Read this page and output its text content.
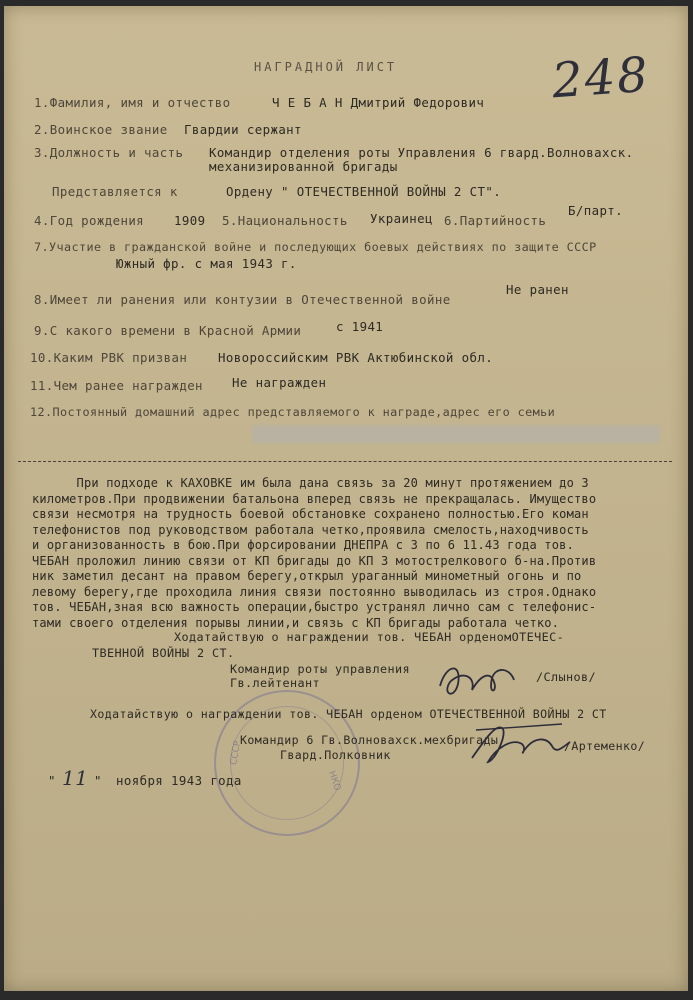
НАГРАДНОЙ ЛИСТ	248
1.Фамилия, имя и отчество	Ч Е Б А Н Дмитрий Федорович
2.Воинское звание Гвардии сержант
3.Должность и часть Командир отделения роты Управления 6 гвард.Волновахск.
механизированной бригады
Представляется к	Ордену " ОТЕЧЕСТВЕННОЙ ВОЙНЫ 2 СТ".
4.Год рождения 1909 5.Национальность Украинец 6.Партийность
Б/парт.
7.Участие в гражданской войне и последующих боевых действиях по защите СССР
Южный фр. с мая 1943 г.
8.Имеет ли ранения или контузии в Отечественной войне
Не ранен
9.С какого времени в Красной Армии	с 1941
10.Каким РВК призван Новороссийским РВК Актюбинской обл.
11.Чем ранее награжден Не награжден
12.Постоянный домашний адрес представляемого к награде,адрес его семьи
При подходе к КАХОВКЕ им была дана связь за 20 минут протяжением до 3
километров.При продвижении батальона вперед связь не прекращалась. Имущество
связи несмотря на трудность боевой обстановке сохранено полностью.Его коман
телефонистов под руководством работала четко,проявила смелость,находчивость
и организованность в бою.При форсировании ДНЕПРА с 3 по 6 11.43 года тов.
ЧЕБАН проложил линию связи от КП бригады до КП 3 мотострелкового б-на.Против
ник заметил десант на правом берегу,открыл ураганный минометный огонь и по
левому берегу,где проходила линия связи постоянно выводилась из строя.Однако
тов. ЧЕБАН,зная всю важность операции,быстро устранял лично сам с телефонис-
тами своего отделения порывы линии,и связь с КП бригады работала четко.
Ходатайствую о награждении тов. ЧЕБАН орденомОТЕЧЕС-
ТВЕННОЙ ВОЙНЫ 2 СТ.
Командир роты управления
Гв.лейтенант	/Слынов/
СССР
НКО
Ходатайствую о награждении тов. ЧЕБАН орденом ОТЕЧЕСТВЕННОЙ ВОЙНЫ 2 СТ
Командир 6 Гв.Волновахск.мехбригады
Гвард.Полковник
/Артеменко/
" 11 " ноября 1943 года
